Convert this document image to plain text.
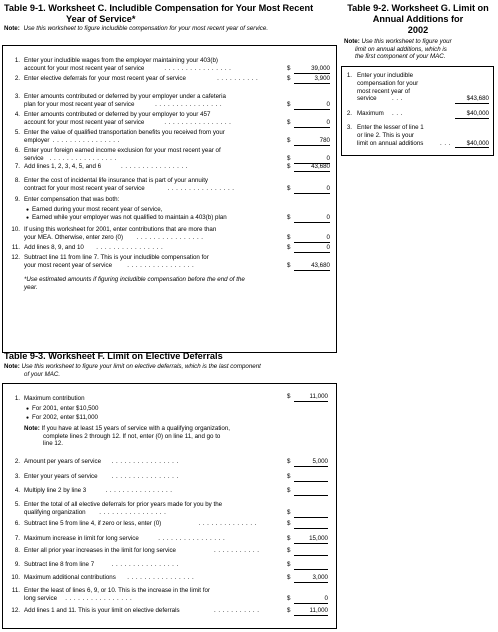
Table 9-1. Worksheet C. Includible Compensation for Your Most Recent
Year of Service*
Note: Use this worksheet to figure includible compensation for your most recent year of service.
1. Enter your includible wages from the employer maintaining your 403(b)
account for your most recent year of service	................	$	39,000
2. Enter elective deferrals for your most recent year of service	..........	$	3,900
3. Enter amounts contributed or deferred by your employer under a cafeteria
plan for your most recent year of service	................	$	0
4. Enter amounts contributed or deferred by your employer to your 457
account for your most recent year of service	................	$	0
5. Enter the value of qualified transportation benefits you received from your
employer ................	$	780
6. Enter your foreign earned income exclusion for your most recent year of
service ................	$	0
7. Add lines 1, 2, 3, 4, 5, and 6	................	$	43,680
8. Enter the cost of incidental life insurance that is part of your annuity
contract for your most recent year of service	................	$	0
9. Enter compensation that was both:
10. If using this worksheet for 2001, enter contributions that are more than
your MEA. Otherwise, enter zero (0)	................	$	0
11. Add lines 8, 9, and 10	................	$	0
12. Subtract line 11 from line 7. This is your includible compensation for
your most recent year of service	................	$	43,680
● Earned during your most recent year of service,
● Earned while your employer was not qualified to maintain a 403(b) plan	$	0
*Use estimated amounts if figuring includible compensation before the end of the
year.
Table 9-2. Worksheet G. Limit on
Annual Additions for
2002
Note: Use this worksheet to figure your
limit on annual additions, which is
the first component of your MAC.
1. Enter your includible
compensation for your
most recent year of
service	...	$43,680
2. Maximum	...	$40,000
3. Enter the lesser of line 1
or line 2. This is your
limit on annual additions	...	$40,000
Table 9-3. Worksheet F. Limit on Elective Deferrals
Note: Use this worksheet to figure your limit on elective deferrals, which is the last component
of your MAC.
1. Maximum contribution	$	11,000
● For 2001, enter $10,500
● For 2002, enter $11,000
Note: If you have at least 15 years of service with a qualifying organization,
complete lines 2 through 12. If not, enter (0) on line 11, and go to
line 12.
2. Amount per years of service	................	$	5,000
3. Enter your years of service	................	$
4. Multiply line 2 by line 3	................	$
5. Enter the total of all elective deferrals for prior years made for you by the
qualifying organization	................	$
6. Subtract line 5 from line 4, if zero or less, enter (0)	..............	$
7. Maximum increase in limit for long service	................	$	15,000
8. Enter all prior year increases in the limit for long service	...........	$
9. Subtract line 8 from line 7	................	$
10. Maximum additional contributions	................	$	3,000
11. Enter the least of lines 6, 9, or 10. This is the increase in the limit for
long service	................	$	0
12. Add lines 1 and 11. This is your limit on elective deferrals	...........	$	11,000
